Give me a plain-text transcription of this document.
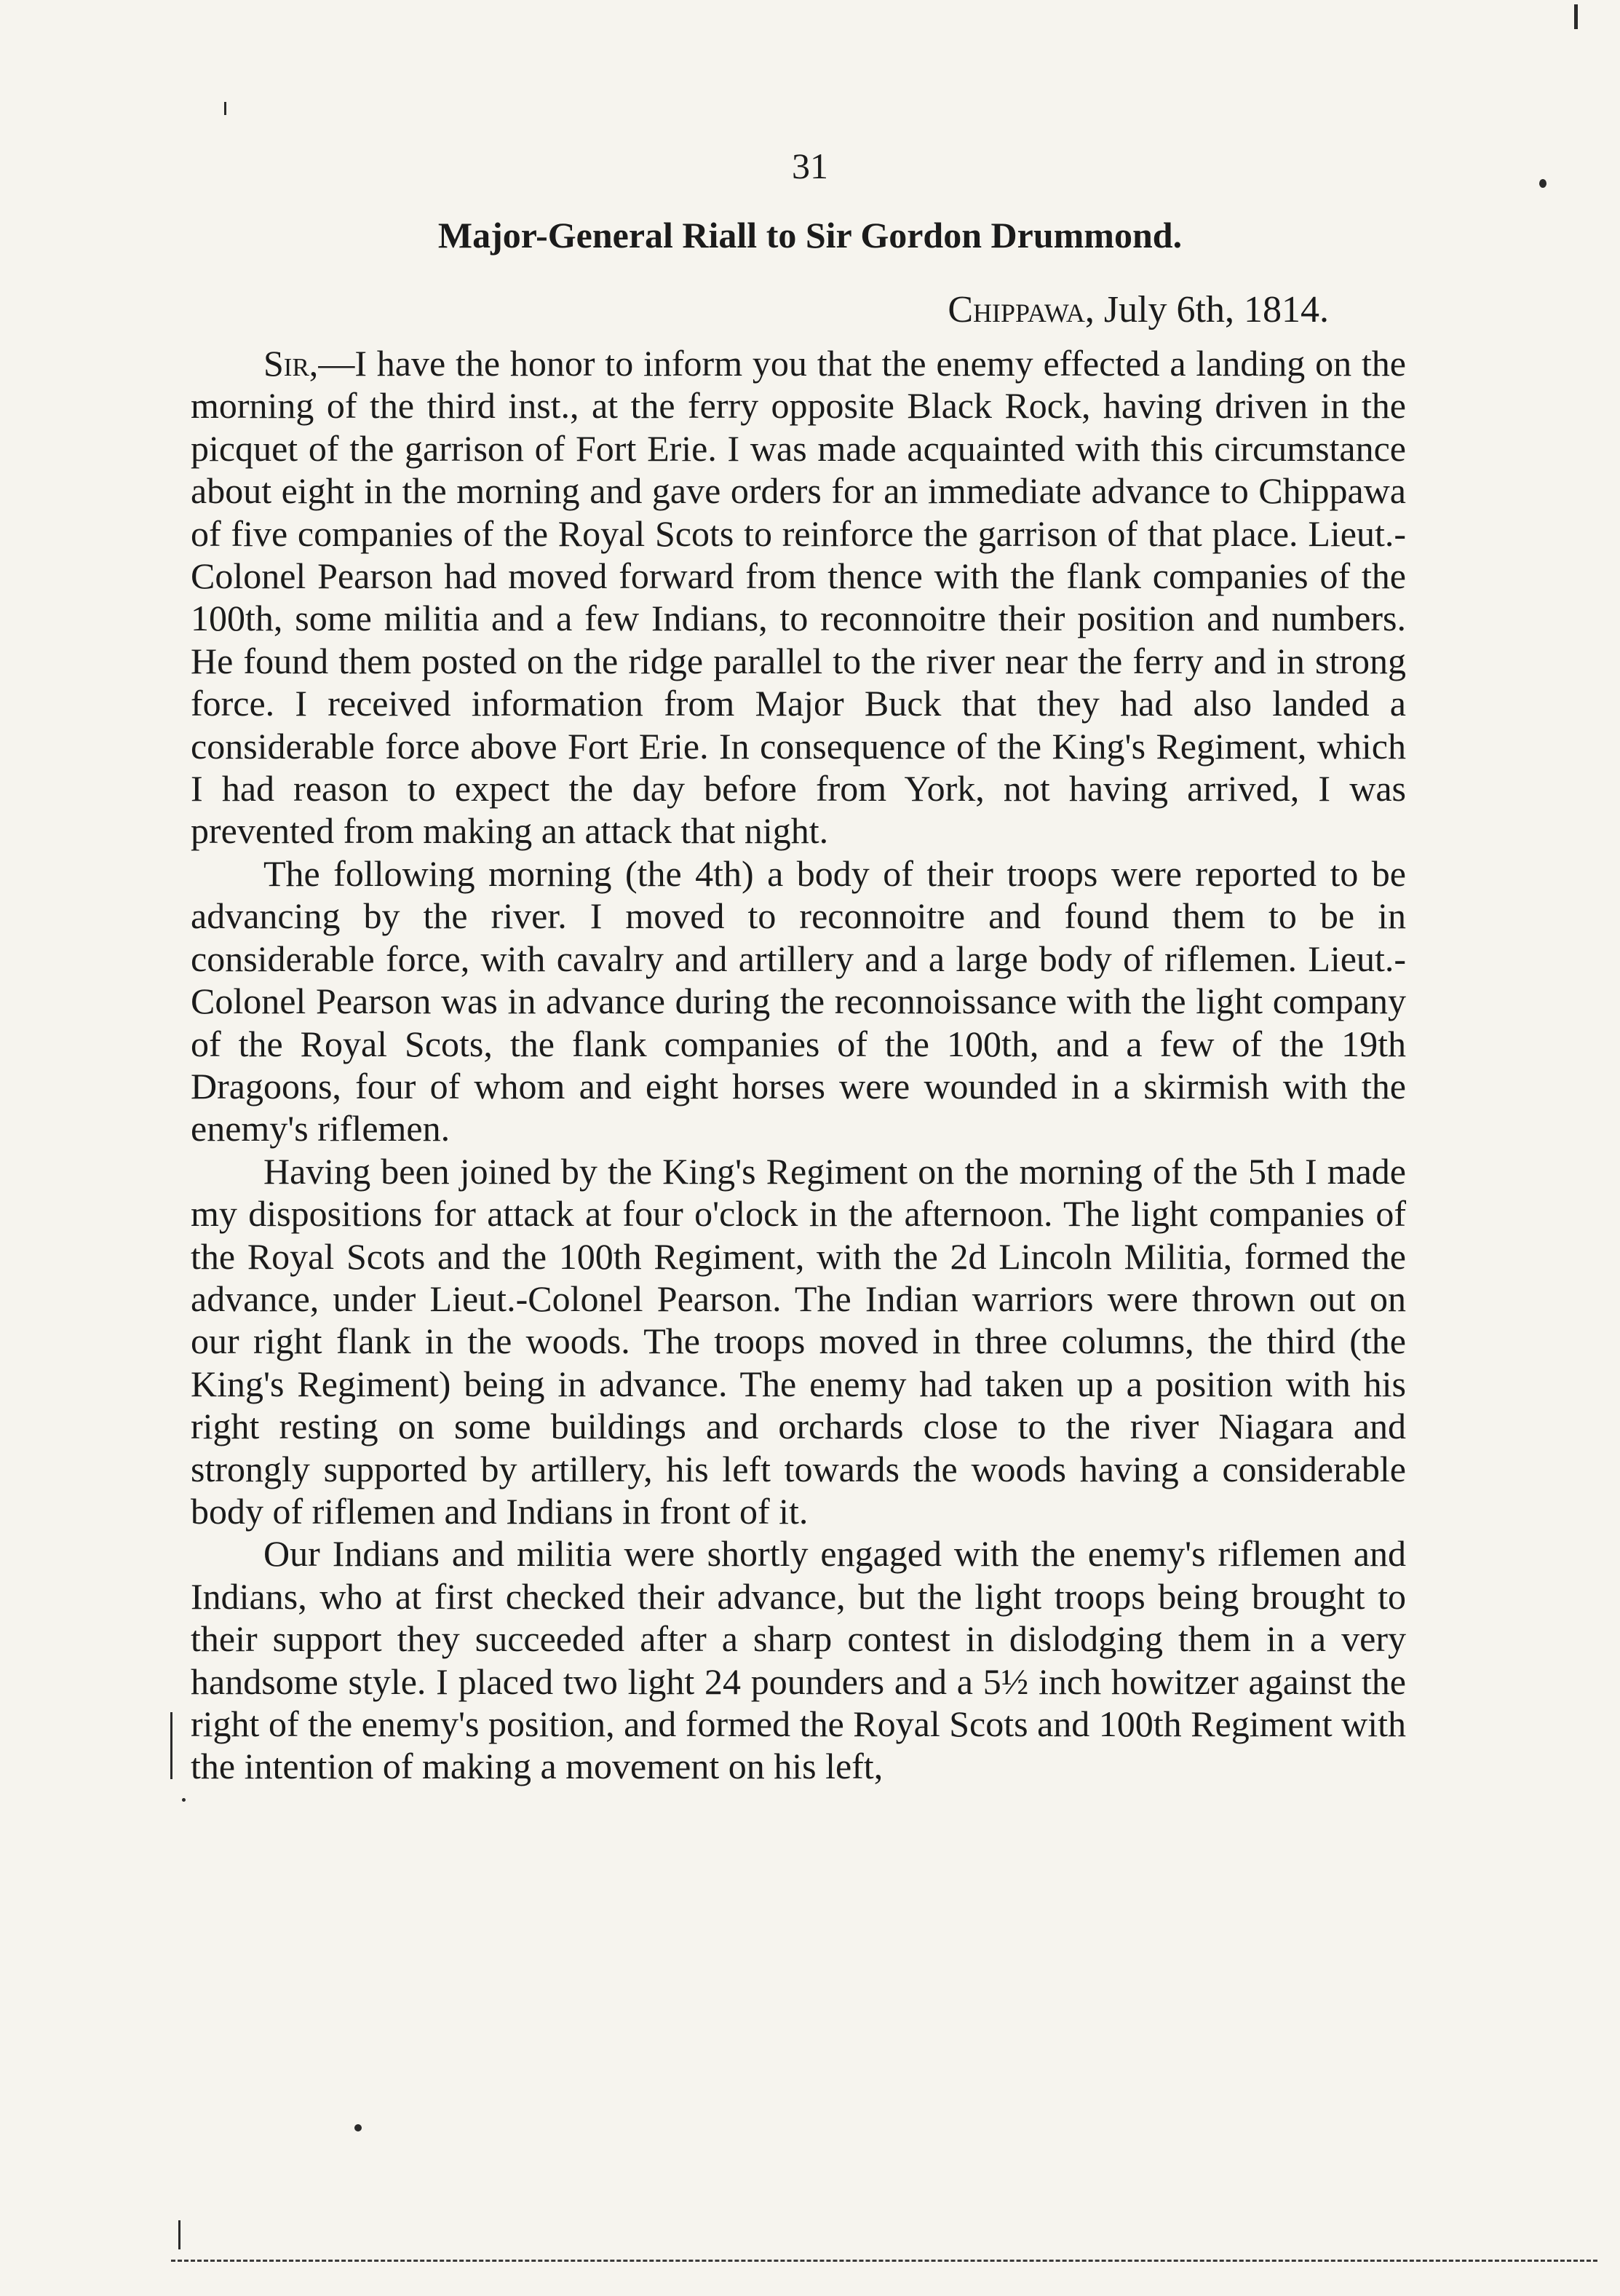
31
Major-General Riall to Sir Gordon Drummond.
Chippawa, July 6th, 1814.

Sir,—I have the honor to inform you that the enemy effected a landing on the morning of the third inst., at the ferry opposite Black Rock, having driven in the picquet of the garrison of Fort Erie. I was made acquainted with this circumstance about eight in the morning and gave orders for an immediate advance to Chippawa of five companies of the Royal Scots to reinforce the garrison of that place. Lieut.-Colonel Pearson had moved forward from thence with the flank companies of the 100th, some militia and a few Indians, to reconnoitre their position and numbers. He found them posted on the ridge parallel to the river near the ferry and in strong force. I received information from Major Buck that they had also landed a considerable force above Fort Erie. In consequence of the King's Regiment, which I had reason to expect the day before from York, not having arrived, I was prevented from making an attack that night.

The following morning (the 4th) a body of their troops were reported to be advancing by the river. I moved to reconnoitre and found them to be in considerable force, with cavalry and artillery and a large body of riflemen. Lieut.-Colonel Pearson was in advance during the reconnoissance with the light company of the Royal Scots, the flank companies of the 100th, and a few of the 19th Dragoons, four of whom and eight horses were wounded in a skirmish with the enemy's riflemen.

Having been joined by the King's Regiment on the morning of the 5th I made my dispositions for attack at four o'clock in the afternoon. The light companies of the Royal Scots and the 100th Regiment, with the 2d Lincoln Militia, formed the advance, under Lieut.-Colonel Pearson. The Indian warriors were thrown out on our right flank in the woods. The troops moved in three columns, the third (the King's Regiment) being in advance. The enemy had taken up a position with his right resting on some buildings and orchards close to the river Niagara and strongly supported by artillery, his left towards the woods having a considerable body of riflemen and Indians in front of it.

Our Indians and militia were shortly engaged with the enemy's riflemen and Indians, who at first checked their advance, but the light troops being brought to their support they succeeded after a sharp contest in dislodging them in a very handsome style. I placed two light 24 pounders and a 5½ inch howitzer against the right of the enemy's position, and formed the Royal Scots and 100th Regiment with the intention of making a movement on his left,
